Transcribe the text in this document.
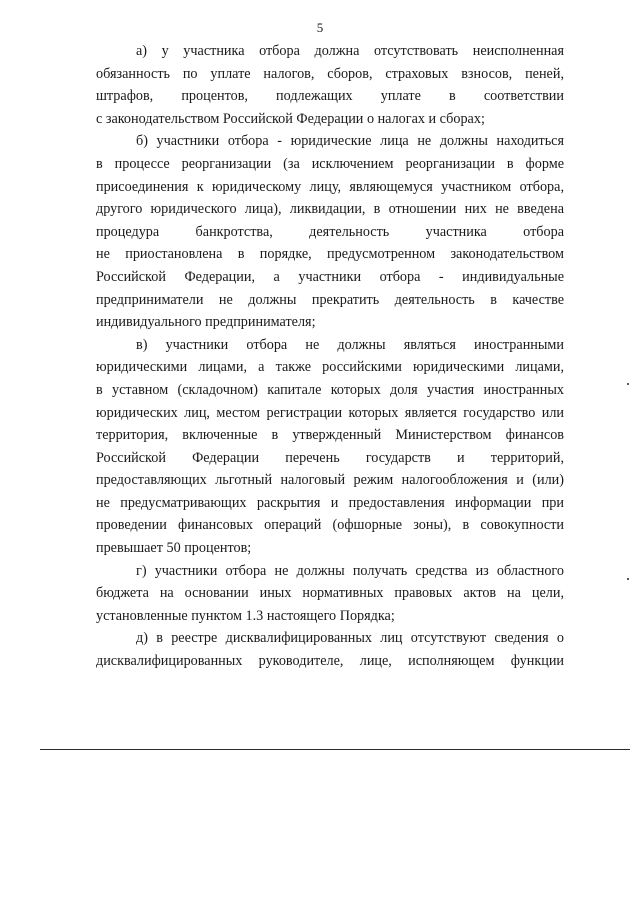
5
а) у участника отбора должна отсутствовать неисполненная
обязанность по уплате налогов, сборов, страховых взносов, пеней,
штрафов, процентов, подлежащих уплате в соответствии
с законодательством Российской Федерации о налогах и сборах;
б) участники отбора - юридические лица не должны находиться
в процессе реорганизации (за исключением реорганизации в форме
присоединения к юридическому лицу, являющемуся участником отбора,
другого юридического лица), ликвидации, в отношении них не введена
процедура банкротства, деятельность участника отбора
не приостановлена в порядке, предусмотренном законодательством
Российской Федерации, а участники отбора - индивидуальные
предприниматели не должны прекратить деятельность в качестве
индивидуального предпринимателя;
в) участники отбора не должны являться иностранными
юридическими лицами, а также российскими юридическими лицами,
в уставном (складочном) капитале которых доля участия иностранных
юридических лиц, местом регистрации которых является государство или
территория, включенные в утвержденный Министерством финансов
Российской Федерации перечень государств и территорий,
предоставляющих льготный налоговый режим налогообложения и (или)
не предусматривающих раскрытия и предоставления информации при
проведении финансовых операций (офшорные зоны), в совокупности
превышает 50 процентов;
г) участники отбора не должны получать средства из областного
бюджета на основании иных нормативных правовых актов на цели,
установленные пунктом 1.3 настоящего Порядка;
д) в реестре дисквалифицированных лиц отсутствуют сведения о
дисквалифицированных руководителе, лице, исполняющем функции
